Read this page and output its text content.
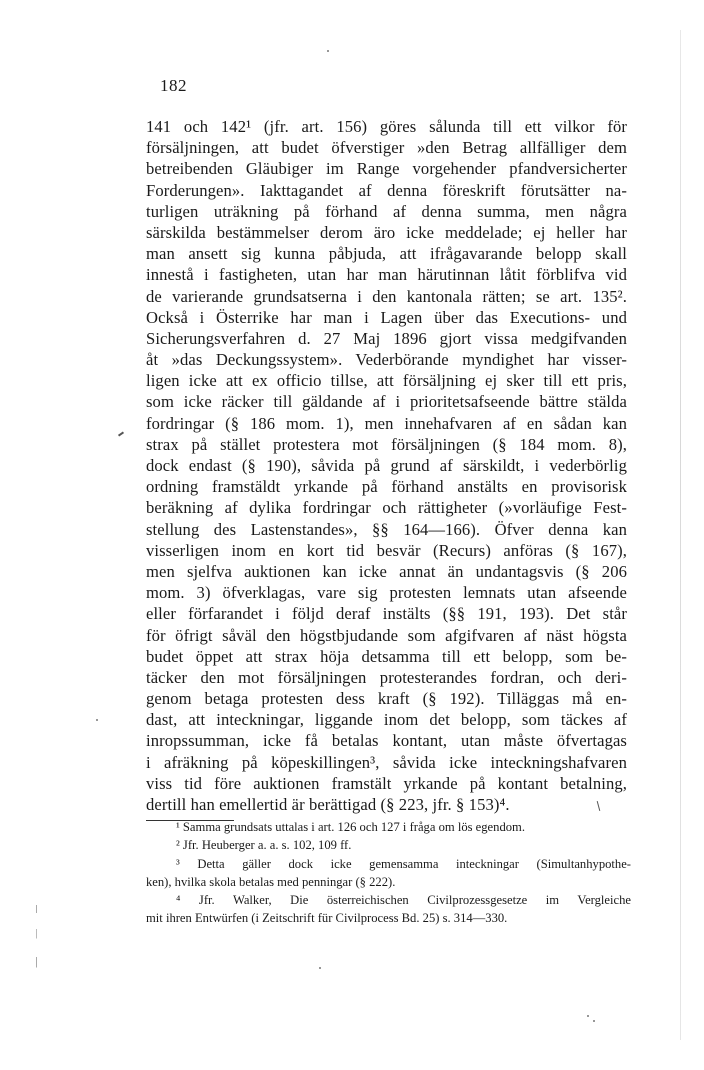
182
141 och 142¹ (jfr. art. 156) göres sålunda till ett vilkor för
försäljningen, att budet öfverstiger »den Betrag allfälliger dem
betreibenden Gläubiger im Range vorgehender pfandversicherter
Forderungen». Iakttagandet af denna föreskrift förutsätter na-
turligen uträkning på förhand af denna summa, men några
särskilda bestämmelser derom äro icke meddelade; ej heller har
man ansett sig kunna påbjuda, att ifrågavarande belopp skall
innestå i fastigheten, utan har man härutinnan låtit förblifva vid
de varierande grundsatserna i den kantonala rätten; se art. 135².
Också i Österrike har man i Lagen über das Executions- und
Sicherungsverfahren d. 27 Maj 1896 gjort vissa medgifvanden
åt »das Deckungssystem». Vederbörande myndighet har visser-
ligen icke att ex officio tillse, att försäljning ej sker till ett pris,
som icke räcker till gäldande af i prioritetsafseende bättre stälda
fordringar (§ 186 mom. 1), men innehafvaren af en sådan kan
strax på stället protestera mot försäljningen (§ 184 mom. 8),
dock endast (§ 190), såvida på grund af särskildt, i vederbörlig
ordning framstäldt yrkande på förhand anstälts en provisorisk
beräkning af dylika fordringar och rättigheter (»vorläufige Fest-
stellung des Lastenstandes», §§ 164—166). Öfver denna kan
visserligen inom en kort tid besvär (Recurs) anföras (§ 167),
men sjelfva auktionen kan icke annat än undantagsvis (§ 206
mom. 3) öfverklagas, vare sig protesten lemnats utan afseende
eller förfarandet i följd deraf instälts (§§ 191, 193). Det står
för öfrigt såväl den högstbjudande som afgifvaren af näst högsta
budet öppet att strax höja detsamma till ett belopp, som be-
täcker den mot försäljningen protesterandes fordran, och deri-
genom betaga protesten dess kraft (§ 192). Tilläggas må en-
dast, att inteckningar, liggande inom det belopp, som täckes af
inropssumman, icke få betalas kontant, utan måste öfvertagas
i afräkning på köpeskillingen³, såvida icke inteckningshafvaren
viss tid före auktionen framstält yrkande på kontant betalning,
dertill han emellertid är berättigad (§ 223, jfr. § 153)⁴.
¹ Samma grundsats uttalas i art. 126 och 127 i fråga om lös egendom.
² Jfr. Heuberger a. a. s. 102, 109 ff.
³ Detta gäller dock icke gemensamma inteckningar (Simultanhypothe-
ken), hvilka skola betalas med penningar (§ 222).
⁴ Jfr. Walker, Die österreichischen Civilprozessgesetze im Vergleiche
mit ihren Entwürfen (i Zeitschrift für Civilprocess Bd. 25) s. 314—330.
